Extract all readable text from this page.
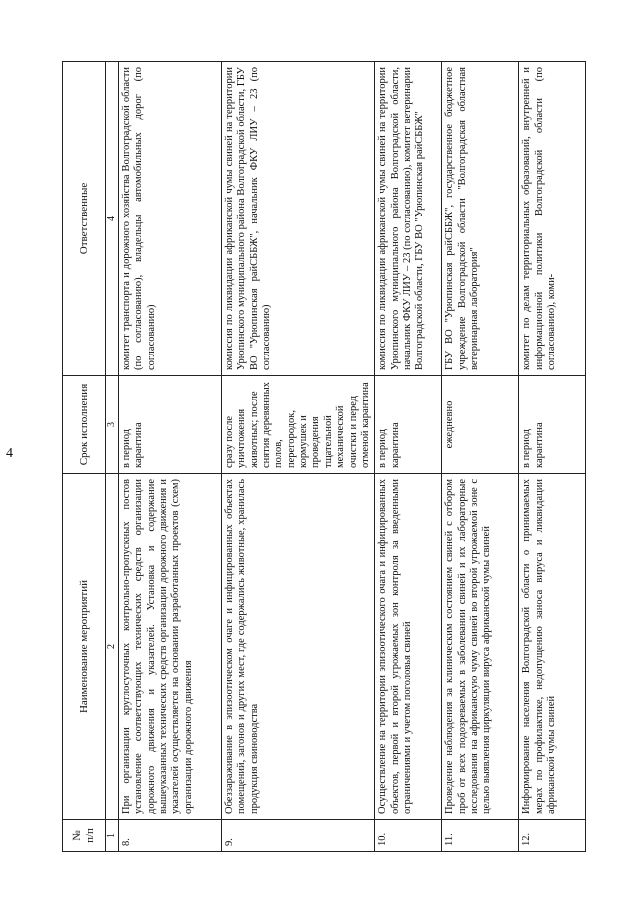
4
№ п/п	Наименование мероприятий	Срок исполнения	Ответственные
1	2	3	4
8.	При организации круглосуточных контрольно-пропускных постов установление соответствующих технических средств организации дорожного движения и указателей. Установка и содержание вышеуказанных технических средств организации дорожного движения и указателей осуществляется на основании разработанных проектов (схем) организации дорожного движения	в период карантина	комитет транспорта и дорожного хозяйства Волгоградской области (по согласованию), владельцы автомобильных дорог (по согласованию)
9.	Обеззараживание в эпизоотическом очаге и инфицированных объектах помещений, загонов и других мест, где содержались животные, хранилась продукция свиноводства	сразу после уничтожения животных; после снятия деревянных полов, перегородок, кормушек и проведения тщательной механической очистки и перед отменой карантина	комиссия по ликвидации африканской чумы свиней на территории Урюпинского муниципального района Волгоградской области, ГБУ ВО "Урюпинская райСББЖ", начальник ФКУ ЛИУ – 23 (по согласованию)
10.	Осуществление на территории эпизоотического очага и инфицированных объектов, первой и второй угрожаемых зон контроля за введенными ограничениями и учетом поголовья свиней	в период карантина	комиссия по ликвидации африканской чумы свиней на территории Урюпинского муниципального района Волгоградской области, начальник ФКУ ЛИУ – 23 (по согласованию), комитет ветеринарии Волгоградской области, ГБУ ВО "Урюпинская райСББЖ"
11.	Проведение наблюдения за клиническим состоянием свиней с отбором проб от всех подозреваемых в заболевании свиней и их лабораторные исследования на африканскую чуму свиней во второй угрожаемой зоне с целью выявления циркуляции вируса африканской чумы свиней	ежедневно	ГБУ ВО "Урюпинская райСББЖ", государственное бюджетное учреждение Волгоградской области "Волгоградская областная ветеринарная лаборатория"
12.	Информирование населения Волгоградской области о принимаемых мерах по профилактике, недопущению заноса вируса и ликвидации африканской чумы свиней	в период карантина	комитет по делам территориальных образований, внутренней и информационной политики Волгоградской области (по согласованию), коми-
